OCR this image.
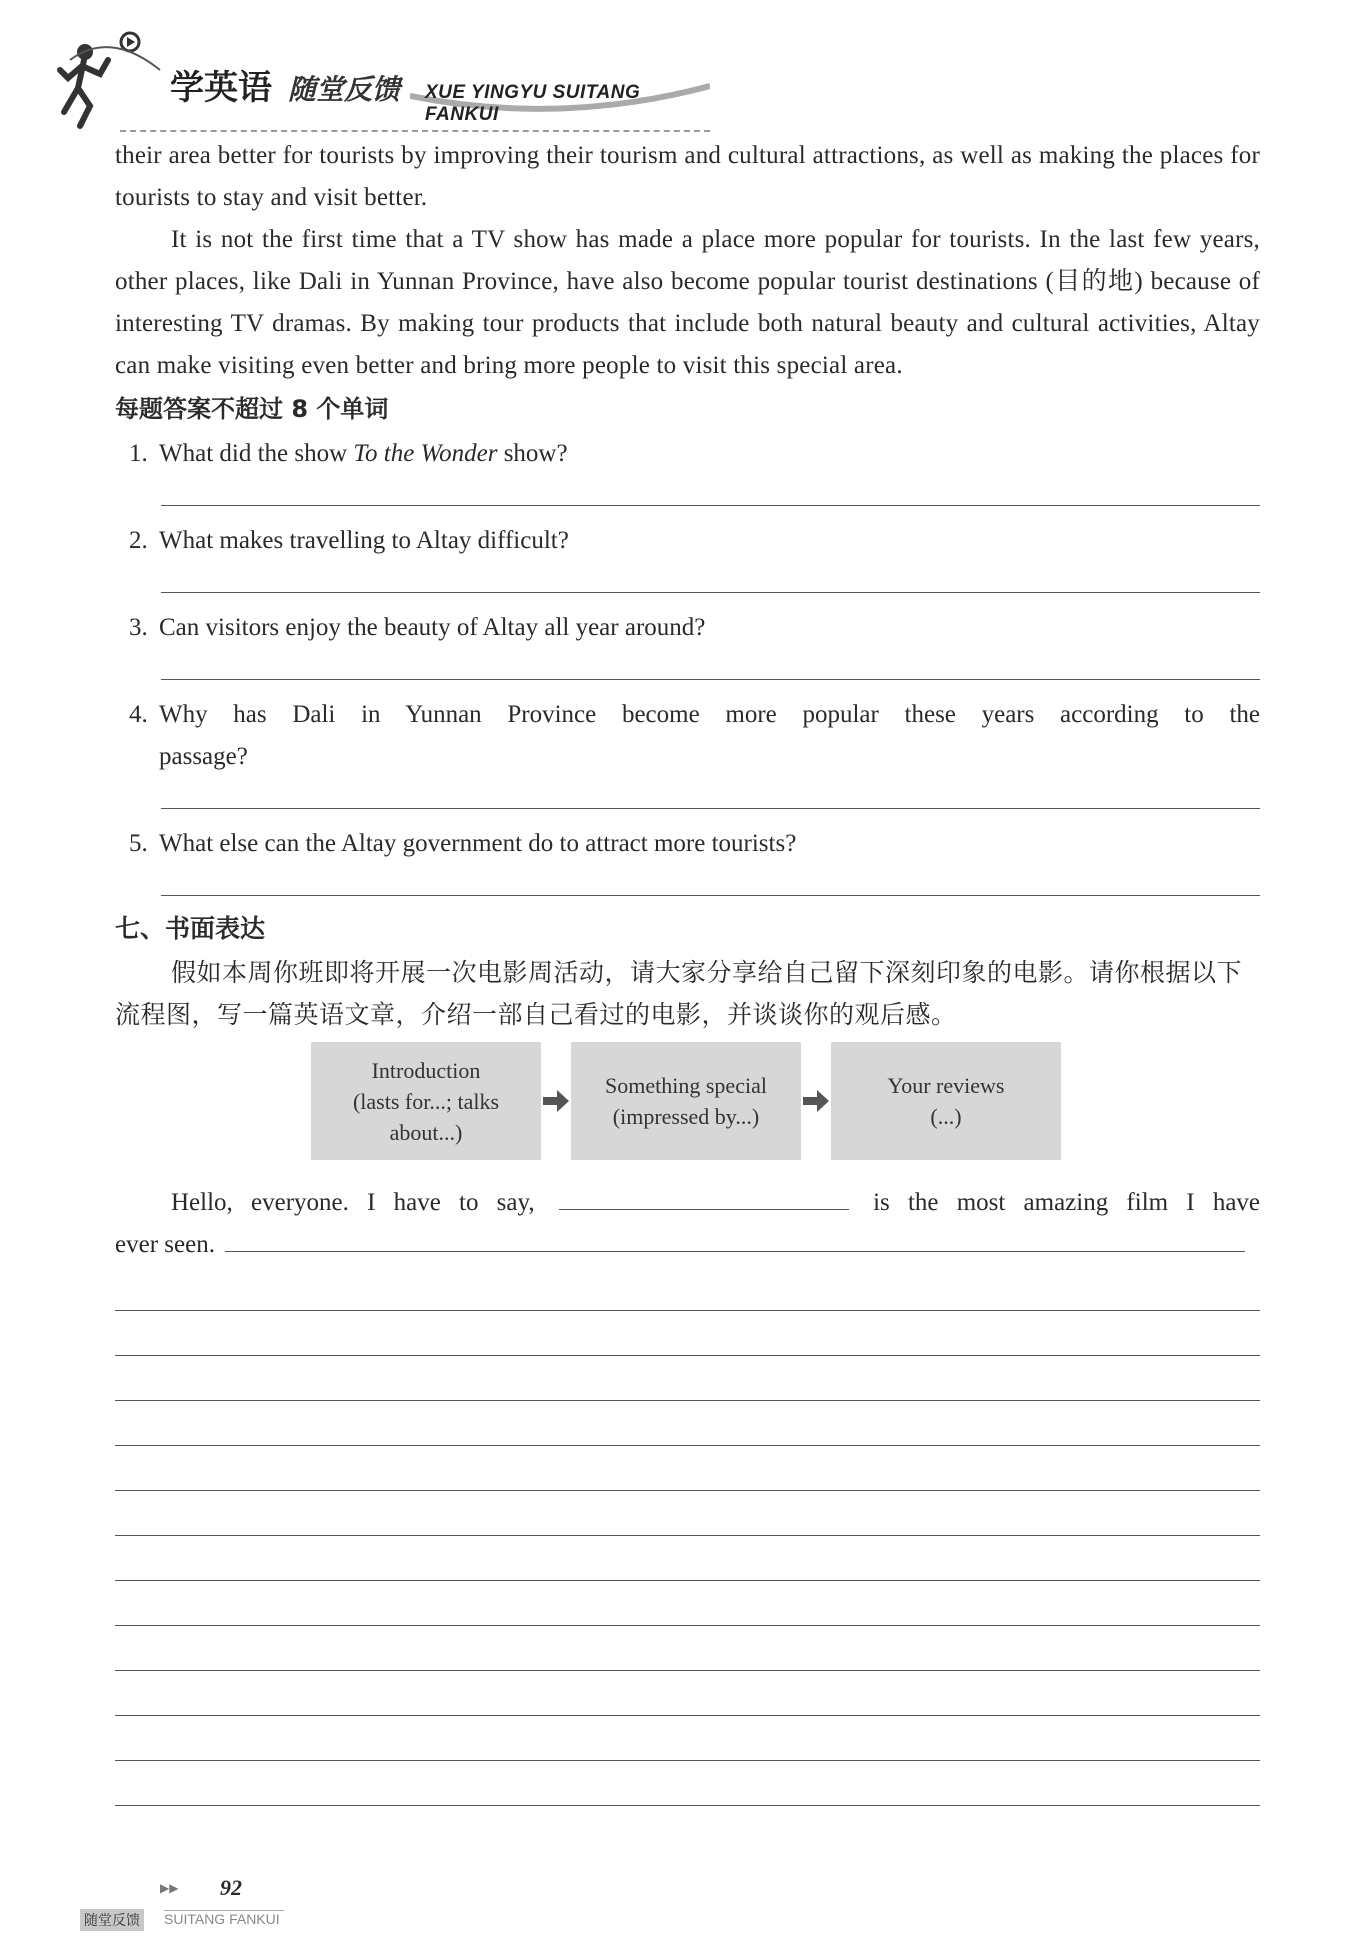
学英语 随堂反馈 XUE YINGYU SUITANG FANKUI

their area better for tourists by improving their tourism and cultural attractions, as well as making the places for tourists to stay and visit better.

It is not the first time that a TV show has made a place more popular for tourists. In the last few years, other places, like Dali in Yunnan Province, have also become popular tourist destinations (目的地) because of interesting TV dramas. By making tour products that include both natural beauty and cultural activities, Altay can make visiting even better and bring more people to visit this special area.

每题答案不超过 8 个单词
1. What did the show To the Wonder show?
2. What makes travelling to Altay difficult?
3. Can visitors enjoy the beauty of Altay all year around?
4. Why has Dali in Yunnan Province become more popular these years according to the
passage?
5. What else can the Altay government do to attract more tourists?
七、书面表达

假如本周你班即将开展一次电影周活动，请大家分享给自己留下深刻印象的电影。请你根据以下流程图，写一篇英语文章，介绍一部自己看过的电影，并谈谈你的观后感。

Introduction
(lasts for...; talks
about...)
Something special
(impressed by...)
Your reviews
(...)
Hello, everyone. I have to say,	is the most amazing film I have
ever seen.
▶▶ 92
随堂反馈 SUITANG FANKUI
